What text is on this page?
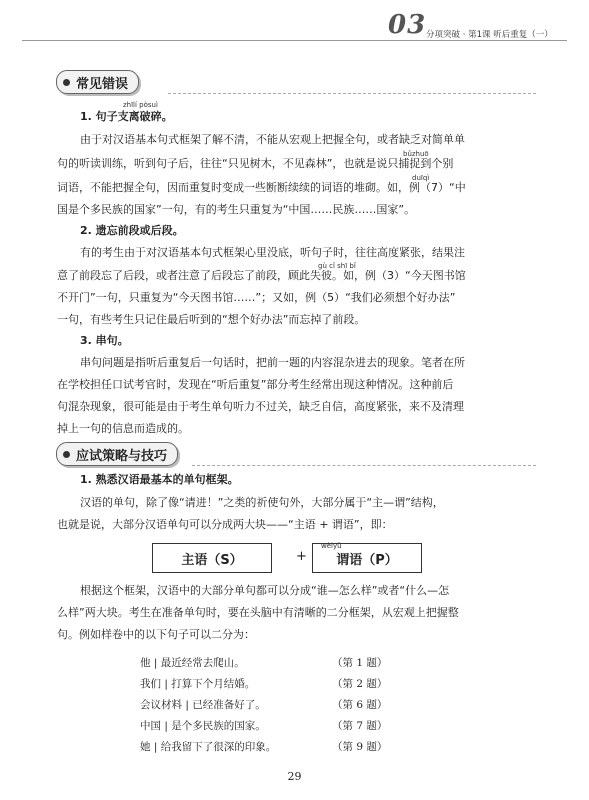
03 分项突破 · 第1课 听后重复（一）
常见错误
zhīlí pòsuì
1. 句子支离破碎。
由于对汉语基本句式框架了解不清，不能从宏观上把握全句，或者缺乏对简单单
bǔzhuō
句的听读训练，听到句子后，往往“只见树木，不见森林”，也就是说只捕捉到个别
duīqì
词语，不能把握全句，因而重复时变成一些断断续续的词语的堆砌。如，例（7）“中
国是个多民族的国家”一句，有的考生只重复为“中国……民族……国家”。
2. 遗忘前段或后段。
有的考生由于对汉语基本句式框架心里没底，听句子时，往往高度紧张，结果注
gù cǐ shī bǐ
意了前段忘了后段，或者注意了后段忘了前段，顾此失彼。如，例（3）“今天图书馆
不开门”一句，只重复为“今天图书馆……”；又如，例（5）“我们必须想个好办法”
一句，有些考生只记住最后听到的“想个好办法”而忘掉了前段。
3. 串句。
串句问题是指听后重复后一句话时，把前一题的内容混杂进去的现象。笔者在所
在学校担任口试考官时，发现在“听后重复”部分考生经常出现这种情况。这种前后
句混杂现象，很可能是由于考生单句听力不过关，缺乏自信，高度紧张，来不及清理
掉上一句的信息而造成的。
应试策略与技巧
1. 熟悉汉语最基本的单句框架。
汉语的单句，除了像“请进！”之类的祈使句外，大部分属于“主—谓”结构，
也就是说，大部分汉语单句可以分成两大块——“主语 + 谓语”，即：
主语（S）	+
wèiyǔ
谓语（P）
根据这个框架，汉语中的大部分单句都可以分成“谁—怎么样”或者“什么—怎
么样”两大块。考生在准备单句时，要在头脑中有清晰的二分框架，从宏观上把握整
句。例如样卷中的以下句子可以二分为：
他 | 最近经常去爬山。	（第 1 题）
我们 | 打算下个月结婚。	（第 2 题）
会议材料 | 已经准备好了。	（第 6 题）
中国 | 是个多民族的国家。	（第 7 题）
她 | 给我留下了很深的印象。	（第 9 题）
29
